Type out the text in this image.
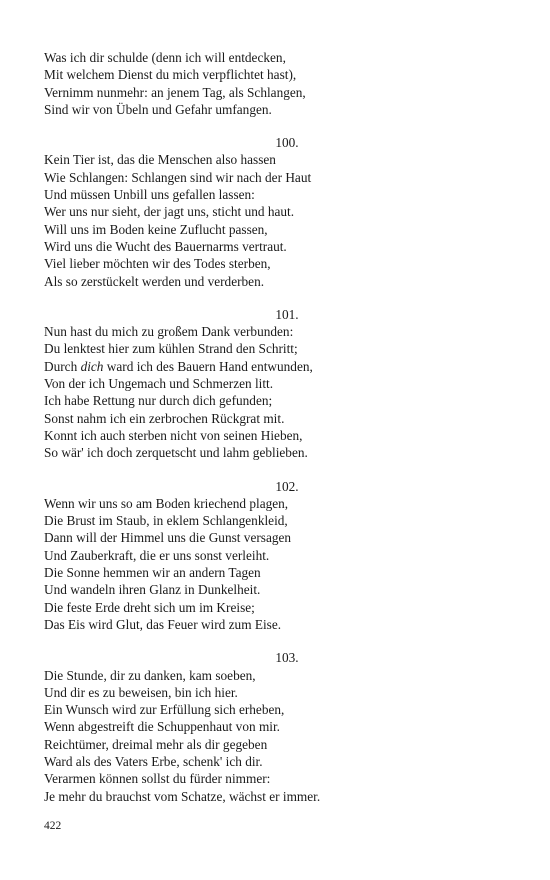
Was ich dir schulde (denn ich will entdecken,
Mit welchem Dienst du mich verpflichtet hast),
Vernimm nunmehr: an jenem Tag, als Schlangen,
Sind wir von Übeln und Gefahr umfangen.
100.
Kein Tier ist, das die Menschen also hassen
Wie Schlangen: Schlangen sind wir nach der Haut
Und müssen Unbill uns gefallen lassen:
Wer uns nur sieht, der jagt uns, sticht und haut.
Will uns im Boden keine Zuflucht passen,
Wird uns die Wucht des Bauernarms vertraut.
Viel lieber möchten wir des Todes sterben,
Als so zerstückelt werden und verderben.
101.
Nun hast du mich zu großem Dank verbunden:
Du lenktest hier zum kühlen Strand den Schritt;
Durch dich ward ich des Bauern Hand entwunden,
Von der ich Ungemach und Schmerzen litt.
Ich habe Rettung nur durch dich gefunden;
Sonst nahm ich ein zerbrochen Rückgrat mit.
Konnt ich auch sterben nicht von seinen Hieben,
So wär' ich doch zerquetscht und lahm geblieben.
102.
Wenn wir uns so am Boden kriechend plagen,
Die Brust im Staub, in eklem Schlangenkleid,
Dann will der Himmel uns die Gunst versagen
Und Zauberkraft, die er uns sonst verleiht.
Die Sonne hemmen wir an andern Tagen
Und wandeln ihren Glanz in Dunkelheit.
Die feste Erde dreht sich um im Kreise;
Das Eis wird Glut, das Feuer wird zum Eise.
103.
Die Stunde, dir zu danken, kam soeben,
Und dir es zu beweisen, bin ich hier.
Ein Wunsch wird zur Erfüllung sich erheben,
Wenn abgestreift die Schuppenhaut von mir.
Reichtümer, dreimal mehr als dir gegeben
Ward als des Vaters Erbe, schenk' ich dir.
Verarmen können sollst du fürder nimmer:
Je mehr du brauchst vom Schatze, wächst er immer.
422
